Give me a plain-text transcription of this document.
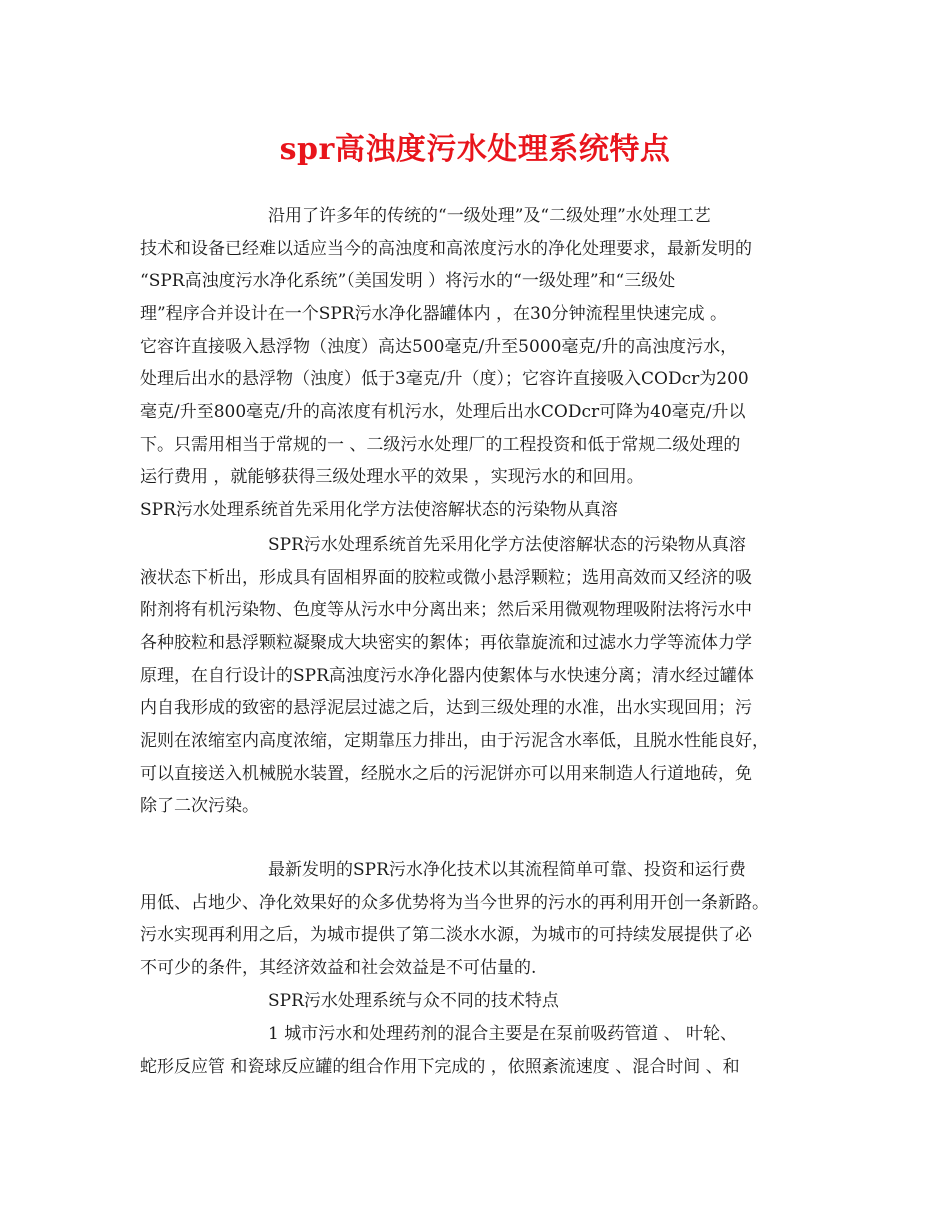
spr高浊度污水处理系统特点
沿用了许多年的传统的“一级处理”及“二级处理”水处理工艺
技术和设备已经难以适应当今的高浊度和高浓度污水的净化处理要求，最新发明的
“SPR高浊度污水净化系统”（美国发明 ）将污水的“一级处理”和“三级处
理”程序合并设计在一个SPR污水净化器罐体内 ，在30分钟流程里快速完成 。
它容许直接吸入悬浮物（浊度）高达500毫克/升至5000毫克/升的高浊度污水，
处理后出水的悬浮物（浊度）低于3毫克/升（度）；它容许直接吸入CODcr为200
毫克/升至800毫克/升的高浓度有机污水，处理后出水CODcr可降为40毫克/升以
下。只需用相当于常规的一 、二级污水处理厂的工程投资和低于常规二级处理的
运行费用 ，就能够获得三级处理水平的效果 ，实现污水的和回用。
SPR污水处理系统首先采用化学方法使溶解状态的污染物从真溶
SPR污水处理系统首先采用化学方法使溶解状态的污染物从真溶
液状态下析出，形成具有固相界面的胶粒或微小悬浮颗粒；选用高效而又经济的吸
附剂将有机污染物、色度等从污水中分离出来；然后采用微观物理吸附法将污水中
各种胶粒和悬浮颗粒凝聚成大块密实的絮体；再依靠旋流和过滤水力学等流体力学
原理，在自行设计的SPR高浊度污水净化器内使絮体与水快速分离；清水经过罐体
内自我形成的致密的悬浮泥层过滤之后，达到三级处理的水准，出水实现回用；污
泥则在浓缩室内高度浓缩，定期靠压力排出，由于污泥含水率低，且脱水性能良好，
可以直接送入机械脱水装置，经脱水之后的污泥饼亦可以用来制造人行道地砖，免
除了二次污染。
最新发明的SPR污水净化技术以其流程简单可靠、投资和运行费
用低、占地少、净化效果好的众多优势将为当今世界的污水的再利用开创一条新路。
污水实现再利用之后，为城市提供了第二淡水水源，为城市的可持续发展提供了必
不可少的条件，其经济效益和社会效益是不可估量的.
SPR污水处理系统与众不同的技术特点
1 城市污水和处理药剂的混合主要是在泵前吸药管道 、 叶轮、
蛇形反应管 和瓷球反应罐的组合作用下完成的 ，依照紊流速度 、混合时间 、和
